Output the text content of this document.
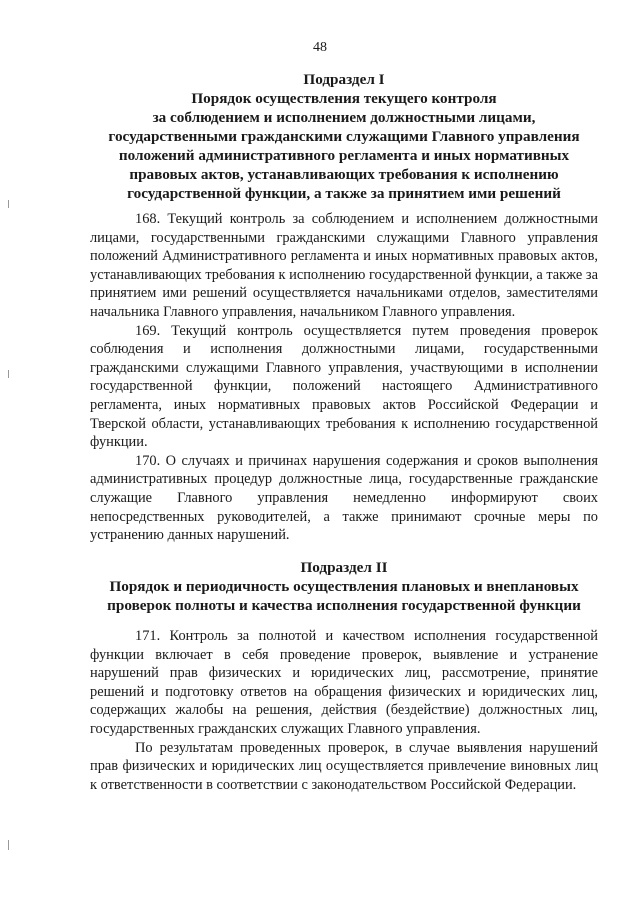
48
Подраздел I
Порядок осуществления текущего контроля
за соблюдением и исполнением должностными лицами,
государственными гражданскими служащими Главного управления
положений административного регламента и иных нормативных
правовых актов, устанавливающих требования к исполнению
государственной функции, а также за принятием ими решений

168. Текущий контроль за соблюдением и исполнением должностными лицами, государственными гражданскими служащими Главного управления положений Административного регламента и иных нормативных правовых актов, устанавливающих требования к исполнению государственной функции, а также за принятием ими решений осуществляется начальниками отделов, заместителями начальника Главного управления, начальником Главного управления.

169. Текущий контроль осуществляется путем проведения проверок соблюдения и исполнения должностными лицами, государственными гражданскими служащими Главного управления, участвующими в исполнении государственной функции, положений настоящего Административного регламента, иных нормативных правовых актов Российской Федерации и Тверской области, устанавливающих требования к исполнению государственной функции.

170. О случаях и причинах нарушения содержания и сроков выполнения административных процедур должностные лица, государственные гражданские служащие Главного управления немедленно информируют своих непосредственных руководителей, а также принимают срочные меры по устранению данных нарушений.

Подраздел II
Порядок и периодичность осуществления плановых и внеплановых
проверок полноты и качества исполнения государственной функции

171. Контроль за полнотой и качеством исполнения государственной функции включает в себя проведение проверок, выявление и устранение нарушений прав физических и юридических лиц, рассмотрение, принятие решений и подготовку ответов на обращения физических и юридических лиц, содержащих жалобы на решения, действия (бездействие) должностных лиц, государственных гражданских служащих Главного управления.

По результатам проведенных проверок, в случае выявления нарушений прав физических и юридических лиц осуществляется привлечение виновных лиц к ответственности в соответствии с законодательством Российской Федерации.
